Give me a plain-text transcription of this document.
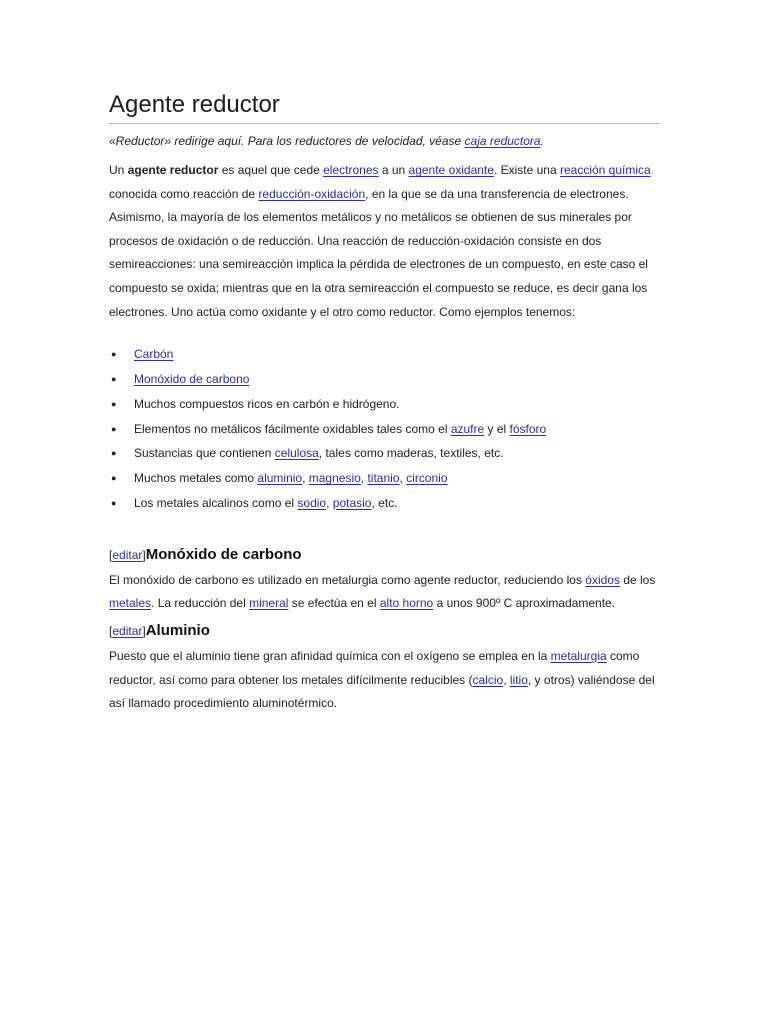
Agente reductor
«Reductor» redirige aquí. Para los reductores de velocidad, véase caja reductora.
Un agente reductor es aquel que cede electrones a un agente oxidante. Existe una reacción química conocida como reacción de reducción-oxidación, en la que se da una transferencia de electrones. Asimismo, la mayoría de los elementos metálicos y no metálicos se obtienen de sus minerales por procesos de oxidación o de reducción. Una reacción de reducción-oxidación consiste en dos semireacciones: una semireacción implica la pérdida de electrones de un compuesto, en este caso el compuesto se oxida; mientras que en la otra semireacción el compuesto se reduce, es decir gana los electrones. Uno actúa como oxidante y el otro como reductor. Como ejemplos tenemos:
● Carbón
● Monóxido de carbono
● Muchos compuestos ricos en carbón e hidrógeno.
● Elementos no metálicos fácilmente oxidables tales como el azufre y el fósforo
● Sustancias que contienen celulosa, tales como maderas, textiles, etc.
● Muchos metales como aluminio, magnesio, titanio, circonio
● Los metales alcalinos como el sodio, potasio, etc.
[editar] Monóxido de carbono
El monóxido de carbono es utilizado en metalurgia como agente reductor, reduciendo los óxidos de los metales. La reducción del mineral se efectúa en el alto horno a unos 900º C aproximadamente.
[editar] Aluminio
Puesto que el aluminio tiene gran afinidad química con el oxígeno se emplea en la metalurgia como reductor, así como para obtener los metales difícilmente reducibles (calcio, litio, y otros) valiéndose del así llamado procedimiento aluminotérmico.
